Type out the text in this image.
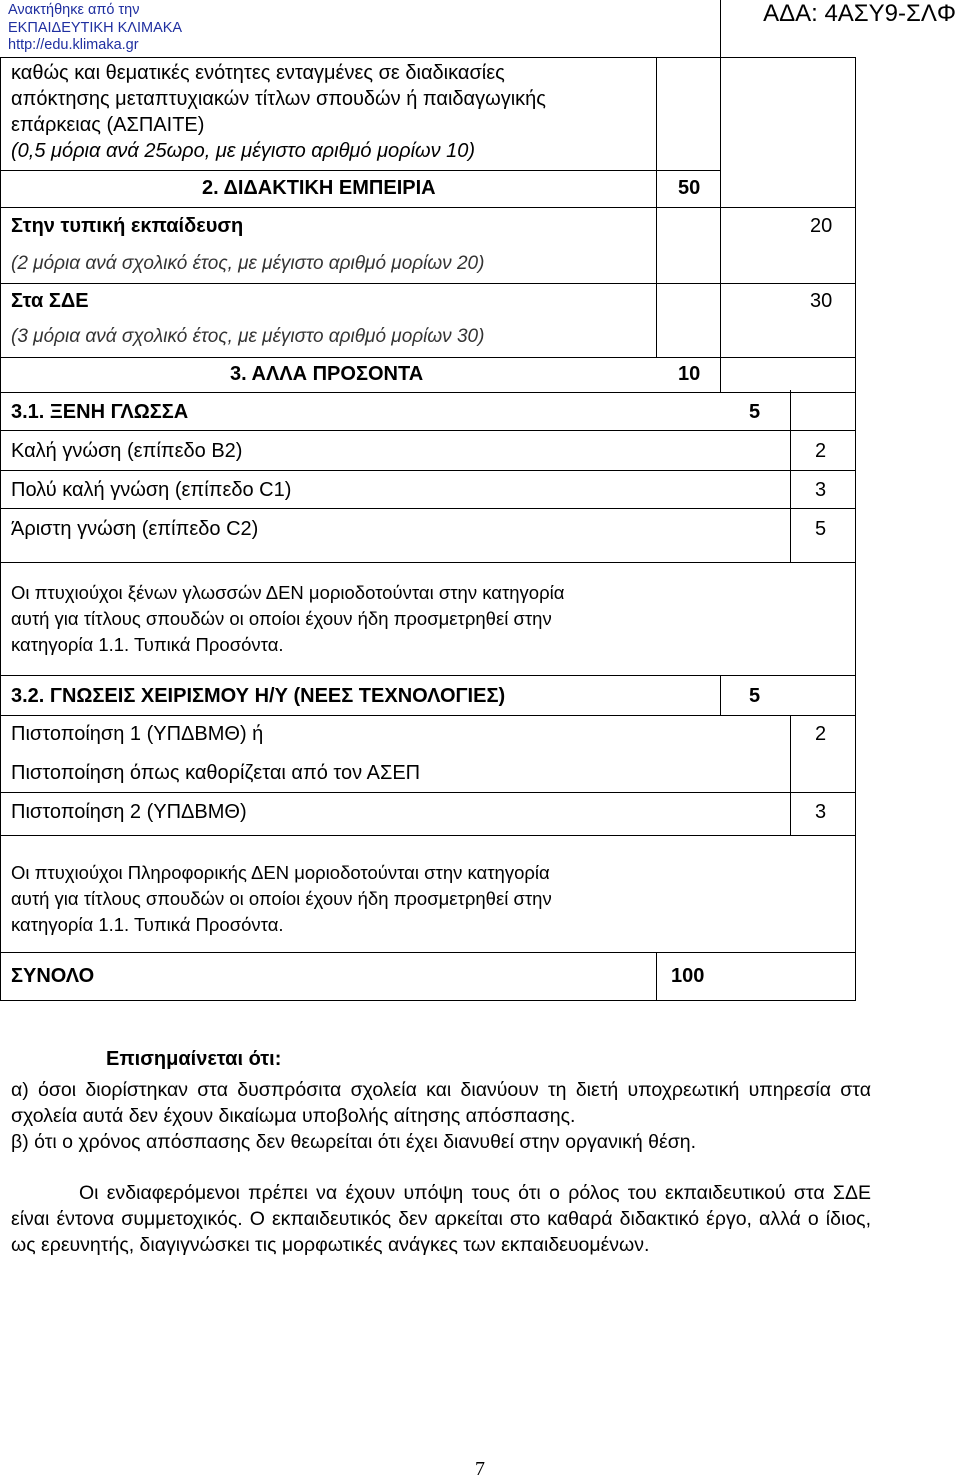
Ανακτήθηκε από την
ΕΚΠΑΙΔΕΥΤΙΚΗ ΚΛΙΜΑΚΑ
http://edu.klimaka.gr
ΑΔΑ: 4ΑΣΥ9-ΣΛΦ
καθώς και θεματικές ενότητες ενταγμένες σε διαδικασίες
απόκτησης μεταπτυχιακών τίτλων σπουδών ή παιδαγωγικής
επάρκειας (ΑΣΠΑΙΤΕ)
(0,5 μόρια ανά 25ωρο, με μέγιστο αριθμό μορίων 10)
2. ΔΙΔΑΚΤΙΚΗ ΕΜΠΕΙΡΙΑ	50
Στην τυπική εκπαίδευση	20
(2 μόρια ανά σχολικό έτος, με μέγιστο αριθμό μορίων 20)
Στα ΣΔΕ	30
(3 μόρια ανά σχολικό έτος, με μέγιστο αριθμό μορίων 30)
3. ΑΛΛΑ ΠΡΟΣΟΝΤΑ	10
3.1. ΞΕΝΗ ΓΛΩΣΣΑ	5
Καλή γνώση (επίπεδο Β2)	2
Πολύ καλή γνώση (επίπεδο C1)	3
Άριστη γνώση (επίπεδο C2)	5
Οι πτυχιούχοι ξένων γλωσσών ΔΕΝ μοριοδοτούνται στην κατηγορία
αυτή για τίτλους σπουδών οι οποίοι έχουν ήδη προσμετρηθεί στην
κατηγορία 1.1. Τυπικά Προσόντα.
3.2. ΓΝΩΣΕΙΣ ΧΕΙΡΙΣΜΟΥ Η/Υ (ΝΕΕΣ ΤΕΧΝΟΛΟΓΙΕΣ)	5
Πιστοποίηση 1 (ΥΠΔΒΜΘ) ή	2
Πιστοποίηση όπως καθορίζεται από τον ΑΣΕΠ
Πιστοποίηση 2 (ΥΠΔΒΜΘ)	3
Οι πτυχιούχοι Πληροφορικής ΔΕΝ μοριοδοτούνται στην κατηγορία
αυτή για τίτλους σπουδών οι οποίοι έχουν ήδη προσμετρηθεί στην
κατηγορία 1.1. Τυπικά Προσόντα.
ΣΥΝΟΛΟ	100
Επισημαίνεται ότι:
α) όσοι διορίστηκαν στα δυσπρόσιτα σχολεία και διανύουν τη διετή υποχρεωτική υπηρεσία στα σχολεία αυτά δεν έχουν δικαίωμα υποβολής αίτησης απόσπασης.
β) ότι ο χρόνος απόσπασης δεν θεωρείται ότι έχει διανυθεί στην οργανική θέση.
Οι ενδιαφερόμενοι πρέπει να έχουν υπόψη τους ότι ο ρόλος του εκπαιδευτικού στα ΣΔΕ είναι έντονα συμμετοχικός. Ο εκπαιδευτικός δεν αρκείται στο καθαρά διδακτικό έργο, αλλά ο ίδιος, ως ερευνητής, διαγιγνώσκει τις μορφωτικές ανάγκες των εκπαιδευομένων.
7
